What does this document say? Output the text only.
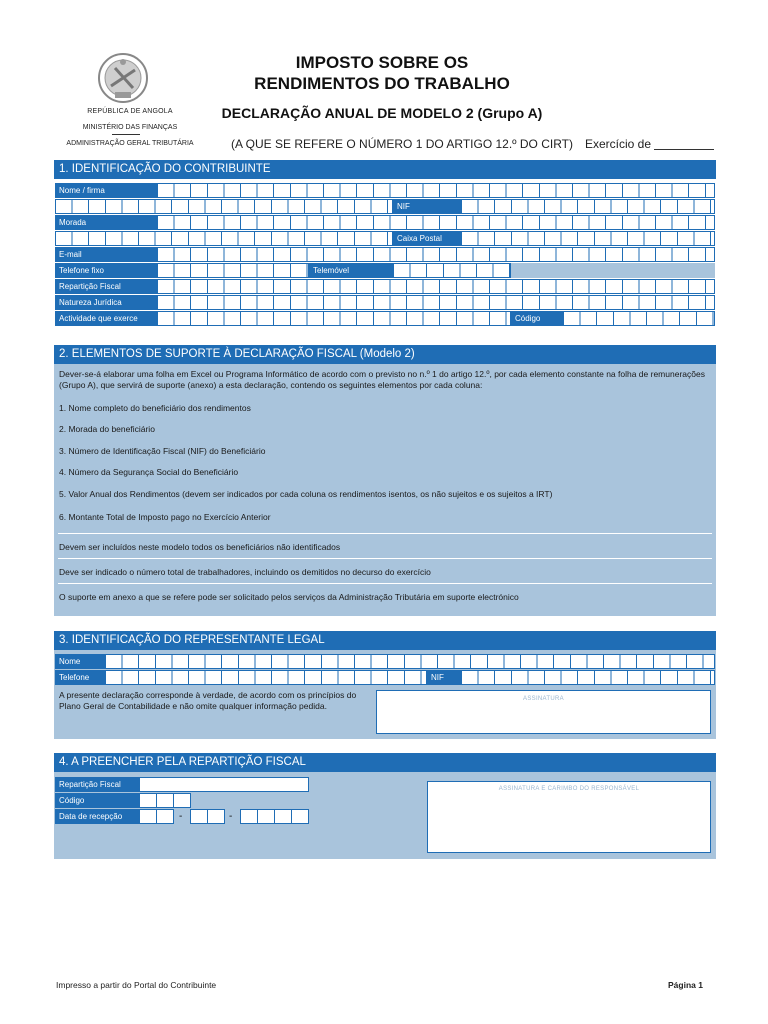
REPÚBLICA DE ANGOLA
MINISTÉRIO DAS FINANÇAS
ADMINISTRAÇÃO GERAL TRIBUTÁRIA
IMPOSTO SOBRE OS
RENDIMENTOS DO TRABALHO
DECLARAÇÃO ANUAL DE MODELO 2 (Grupo A)
(A QUE SE REFERE O NÚMERO 1 DO ARTIGO 12.º DO CIRT) Exercício de
1. IDENTIFICAÇÃO DO CONTRIBUINTE
Nome / firma
NIF
Morada
Caixa Postal
E-mail
Telefone fixo	Telemóvel
Repartição Fiscal
Natureza Jurídica
Actividade que exerce	Código
2. ELEMENTOS DE SUPORTE À DECLARAÇÃO FISCAL (Modelo 2)
Dever-se-á elaborar uma folha em Excel ou Programa Informático de acordo com o previsto no n.º 1 do artigo 12.º, por cada elemento constante na folha de remunerações (Grupo A), que servirá de suporte (anexo) a esta declaração, contendo os seguintes elementos por cada coluna:
1. Nome completo do beneficiário dos rendimentos
2. Morada do beneficiário
3. Número de Identificação Fiscal (NIF) do Beneficiário
4. Número da Segurança Social do Beneficiário
5. Valor Anual dos Rendimentos (devem ser indicados por cada coluna os rendimentos isentos, os não sujeitos e os sujeitos a IRT)
6. Montante Total de Imposto pago no Exercício Anterior
Devem ser incluídos neste modelo todos os beneficiários não identificados
Deve ser indicado o número total de trabalhadores, incluindo os demitidos no decurso do exercício
O suporte em anexo a que se refere pode ser solicitado pelos serviços da Administração Tributária em suporte electrónico
3. IDENTIFICAÇÃO DO REPRESENTANTE LEGAL
Nome
Telefone	NIF
A presente declaração corresponde à verdade, de acordo com os princípios do Plano Geral de Contabilidade e não omite qualquer informação pedida.
ASSINATURA
4. A PREENCHER PELA REPARTIÇÃO FISCAL
Repartição Fiscal
Código
Data de recepção	-	-
ASSINATURA E CARIMBO DO RESPONSÁVEL
Impresso a partir do Portal do Contribuinte	Página 1
